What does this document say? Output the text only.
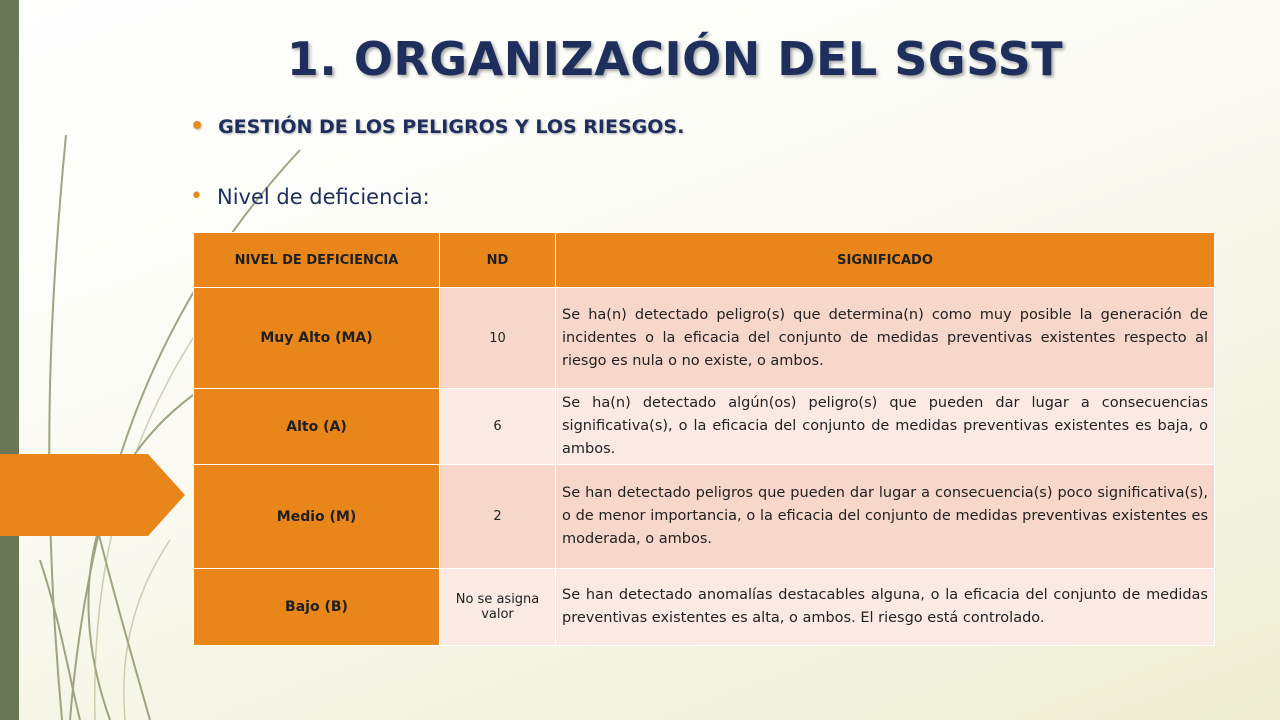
1. ORGANIZACIÓN DEL SGSST
• GESTIÓN DE LOS PELIGROS Y LOS RIESGOS.
• Nivel de deficiencia:
NIVEL DE DEFICIENCIA	ND	SIGNIFICADO
Muy Alto (MA)	10	Se ha(n) detectado peligro(s) que determina(n) como muy posible la generación de incidentes o la eficacia del conjunto de medidas preventivas existentes respecto al riesgo es nula o no existe, o ambos.
Alto (A)	6	Se ha(n) detectado algún(os) peligro(s) que pueden dar lugar a consecuencias significativa(s), o la eficacia del conjunto de medidas preventivas existentes es baja, o ambos.
Medio (M)	2	Se han detectado peligros que pueden dar lugar a consecuencia(s) poco significativa(s), o de menor importancia, o la eficacia del conjunto de medidas preventivas existentes es moderada, o ambos.
Bajo (B)	No se asigna valor	Se han detectado anomalías destacables alguna, o la eficacia del conjunto de medidas preventivas existentes es alta, o ambos. El riesgo está controlado.
